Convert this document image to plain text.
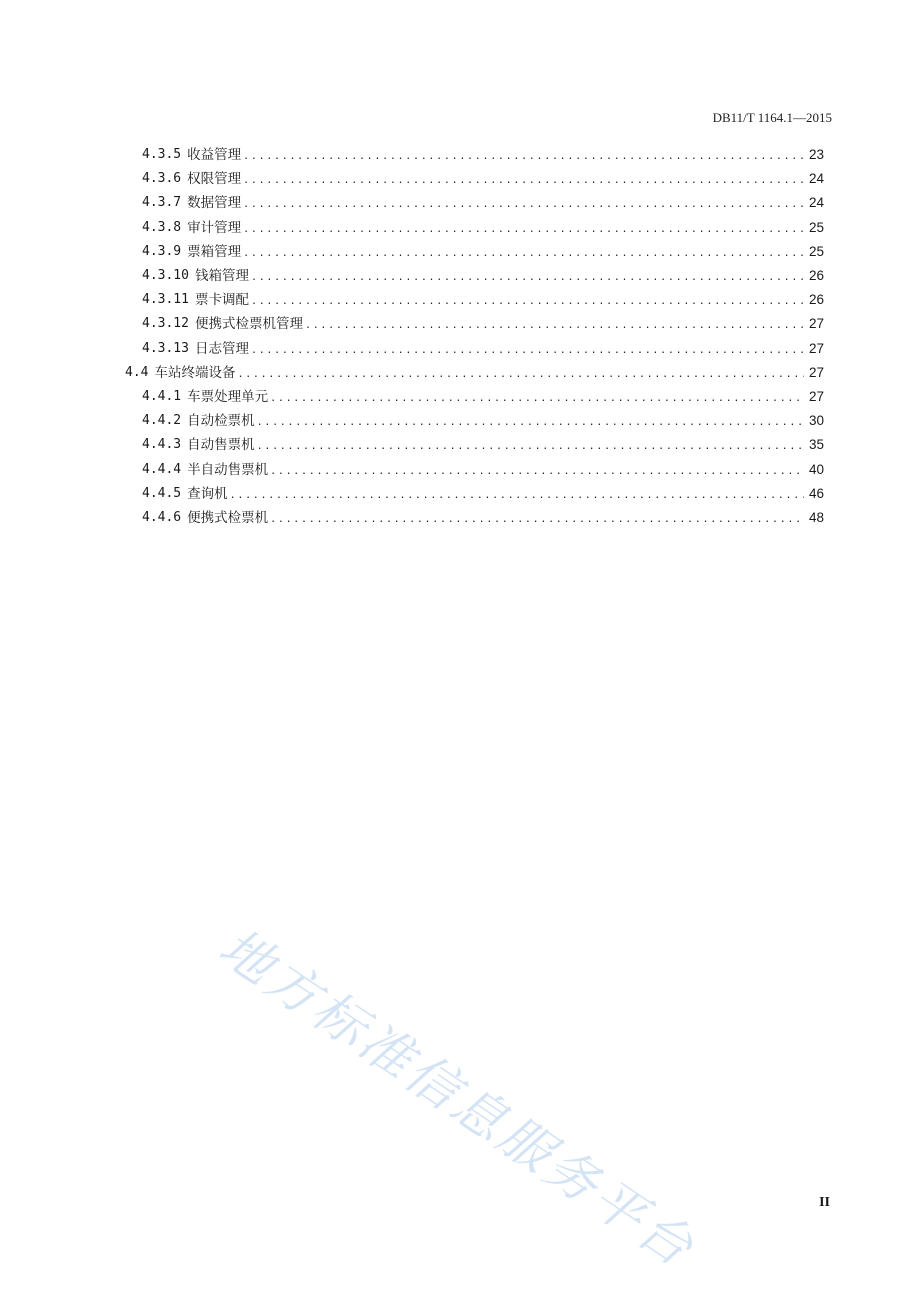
DB11/T 1164.1—2015
4.3.5 收益管理 .....	23
4.3.6 权限管理 .....	24
4.3.7 数据管理 .....	24
4.3.8 审计管理 .....	25
4.3.9 票箱管理 .....	25
4.3.10 钱箱管理 .....	26
4.3.11 票卡调配 .....	26
4.3.12 便携式检票机管理 .....	27
4.3.13 日志管理 .....	27
4.4 车站终端设备 .....	27
4.4.1 车票处理单元 .....	27
4.4.2 自动检票机 .....	30
4.4.3 自动售票机 .....	35
4.4.4 半自动售票机 .....	40
4.4.5 查询机 .....	46
4.4.6 便携式检票机 .....	48
地方标准信息服务平台	II
